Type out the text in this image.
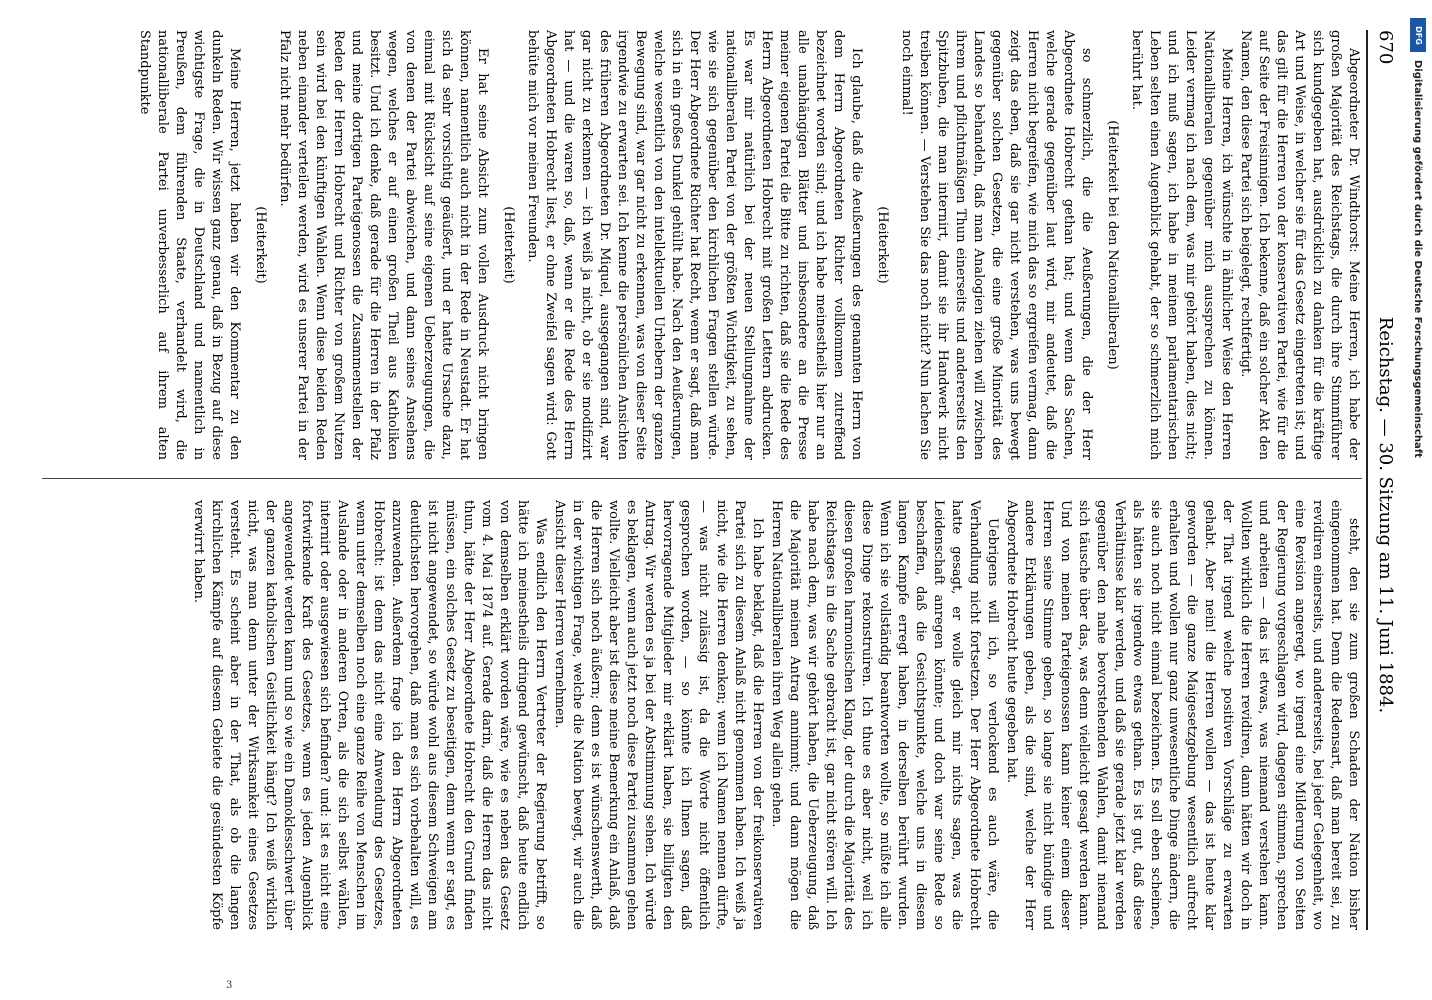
670
Reichstag. — 30. Sitzung am 11. Juni 1884.

Abgeordneter Dr. Windthorst: Meine Herren, ich habe der großen Majorität des Reichstags, die durch ihre Stimmführer sich kundgegeben hat, ausdrücklich zu danken für die kräftige Art und Weise, in welcher sie für das Gesetz eingetreten ist; und das gilt für die Herren von der konservativen Partei, wie für die auf Seite der Freisinnigen. Ich bekenne, daß ein solcher Akt den Namen, den diese Partei sich beigelegt, rechtfertigt.

Meine Herren, ich wünschte in ähnlicher Weise den Herren Nationalliberalen gegenüber mich aussprechen zu können. Leider vermag ich nach dem, was mir gehört haben, dies nicht; und ich muß sagen, ich habe in meinem parlamentarischen Leben selten einen Augenblick gehabt, der so schmerzlich mich berührt hat.

(Heiterkeit bei den Nationalliberalen)

so schmerzlich, die die Aeußerungen, die der Herr Abgeordnete Hobrecht gethan hat; und wenn das Sachen, welche gerade gegenüber laut wird, mir andeutet, daß die Herren nicht begreifen, wie mich das so ergreifen vermag, dann zeigt das eben, daß sie gar nicht verstehen, was uns bewegt gegenüber solchen Gesetzen, die eine große Minorität des Landes so behandeln, daß man Analogien ziehen will zwischen ihrem und pflichtmäßigen Thun einerseits und andererseits den Spitzbuben, die man internirt, damit sie ihr Handwerk nicht treiben können. — Verstehen Sie das noch nicht? Nun lachen Sie noch einmal!

(Heiterkeit)

Ich glaube, daß die Aeußerungen des genannten Herrn von dem Herrn Abgeordneten Richter vollkommen zutreffend bezeichnet worden sind; und ich habe meinestheils hier nur an alle unabhängigen Blätter und insbesondere an die Presse meiner eigenen Partei die Bitte zu richten, daß sie die Rede des Herrn Abgeordneten Hobrecht mit großen Lettern abdrucken. Es war mir natürlich bei der neuen Stellungnahme der nationalliberalen Partei von der größten Wichtigkeit, zu sehen, wie sie sich gegenüber den kirchlichen Fragen stellen würde. Der Herr Abgeordnete Richter hat Recht, wenn er sagt, daß man sich in ein großes Dunkel gehüllt habe. Nach den Aeußerungen, welche wesentlich von den intellektuellen Urhebern der ganzen Bewegung sind, war gar nicht zu erkennen, was von dieser Seite irgendwie zu erwarten sei. Ich kenne die persönlichen Ansichten des früheren Abgeordneten Dr. Miquel, ausgegangen sind, war gar nicht zu erkennen — ich weiß ja nicht, ob er sie modifizirt hat — und die waren so, daß, wenn er die Rede des Herrn Abgeordneten Hobrecht liest, er ohne Zweifel sagen wird: Gott behüte mich vor meinen Freunden.

(Heiterkeit)

Er hat seine Absicht zum vollen Ausdruck nicht bringen können, namentlich auch nicht in der Rede in Neustadt. Er hat sich da sehr vorsichtig geäußert, und er hatte Ursache dazu, einmal mit Rücksicht auf seine eigenen Ueberzeugungen, die von denen der Partei abweichen, und dann seines Ansehens wegen, welches er auf einen großen Theil aus Katholiken besitzt. Und ich denke, daß gerade für die Herren in der Pfalz und meine dortigen Parteigenossen die Zusammenstellen der Reden der Herren Hobrecht und Richter von großem Nutzen sein wird bei den künftigen Wahlen. Wenn diese beiden Reden neben einander verteilen werden, wird es unserer Partei in der Pfalz nicht mehr bedürfen.

(Heiterkeit)

Meine Herren, jetzt haben wir den Kommentar zu den dunkeln Reden. Wir wissen ganz genau, daß in Bezug auf diese wichtigste Frage, die in Deutschland und namentlich in Preußen, dem führenden Staate, verhandelt wird, die nationalliberale Partei unverbesserlich auf ihrem alten Standpunkte

steht, den sie zum großen Schaden der Nation bisher eingenommen hat. Denn die Redensart, daß man bereit sei, zu revidiren einerseits, und andererseits, bei jeder Gelegenheit, wo eine Revision angeregt, wo irgend eine Milderung von Seiten der Regierung vorgeschlagen wird, dagegen stimmen, sprechen und arbeiten — das ist etwas, was niemand verstehen kann. Wollten wirklich die Herren revidiren, dann hätten wir doch in der That irgend welche positiven Vorschläge zu erwarten gehabt. Aber nein! die Herren wollen — das ist heute klar geworden — die ganze Maigesetzgebung wesentlich aufrecht erhalten und wollen nur ganz unwesentliche Dinge ändern, die sie auch noch nicht einmal bezeichnen. Es soll eben scheinen, als hätten sie irgendwo etwas gethan. Es ist gut, daß diese Verhältnisse klar werden, und daß sie gerade jetzt klar werden gegenüber den nahe bevorstehenden Wahlen, damit niemand sich täusche über das, was denn vielleicht gesagt werden kann. Und von meinen Parteigenossen kann keiner einem dieser Herren seine Stimme geben, so lange sie nicht bündige und andere Erklärungen geben, als die sind, welche der Herr Abgeordnete Hobrecht heute gegeben hat.

Uebrigens will ich, so verlockend es auch wäre, die Verhandlung nicht fortsetzen. Der Herr Abgeordnete Hobrecht hatte gesagt, er wolle gleich mir nichts sagen, was die Leidenschaft anregen könnte; und doch war seine Rede so beschaffen, daß die Gesichtspunkte, welche uns in diesem langen Kampfe erregt haben, in derselben berührt wurden. Wenn ich sie vollständig beantworten wollte, so müßte ich alle diese Dinge rekonstruiren. Ich thue es aber nicht, weil ich diesen großen harmonischen Klang, der durch die Majorität des Reichstages in die Sache gebracht ist, gar nicht stören will. Ich habe nach dem, was wir gehört haben, die Ueberzeugung, daß die Majorität meinen Antrag annimmt; und dann mögen die Herren Nationalliberalen ihren Weg allein gehen.

Ich habe beklagt, daß die Herren von der freikonservativen Partei sich zu diesem Anlaß nicht genommen haben. Ich weiß ja nicht, wie die Herren denken; wenn ich Namen nennen dürfte, — was nicht zulässig ist, da die Worte nicht öffentlich gesprochen worden, — so könnte ich Ihnen sagen, daß hervorragende Mitglieder mir erklärt haben, sie billigten den Antrag. Wir werden es ja bei der Abstimmung sehen. Ich würde es beklagen, wenn auch jetzt noch diese Partei zusammen gehen wollte. Vielleicht aber ist diese meine Bemerkung ein Anlaß, daß die Herren sich noch äußern; denn es ist wünschenswerth, daß in der wichtigen Frage, welche die Nation bewegt, wir auch die Ansicht dieser Herren vernehmen.

Was endlich den Herrn Vertreter der Regierung betrifft, so hätte ich meinestheils dringend gewünscht, daß heute endlich von demselben erklärt worden wäre, wie es neben das Gesetz vom 4. Mai 1874 auf. Gerade darin, daß die Herren das nicht thun, hätte der Herr Abgeordnete Hobrecht den Grund finden müssen, ein solches Gesetz zu beseitigen, denn wenn er sagt, es ist nicht angewendet, so würde wohl aus diesem Schweigen am deutlichsten hervorgehen, daß man es sich vorbehalten will, es anzuwenden. Außerdem frage ich den Herrn Abgeordneten Hobrecht: ist denn das nicht eine Anwendung des Gesetzes, wenn unter demselben noch eine ganze Reihe von Menschen im Auslande oder in anderen Orten, als die sich selbst wählen, internirt oder ausgewiesen sich befinden? und: ist es nicht eine fortwirkende Kraft des Gesetzes, wenn es jeden Augenblick angewendet werden kann und so wie ein Damoklesschwert über der ganzen katholischen Geistlichkeit hängt? Ich weiß wirklich nicht, was man denn unter der Wirksamkeit eines Gesetzes versteht. Es scheint aber in der That, als ob die langen kirchlichen Kämpfe auf diesem Gebiete die gesündesten Köpfe verwirrt haben.

3
DFG
Digitalisierung gefördert durch die Deutsche Forschungsgemeinschaft
